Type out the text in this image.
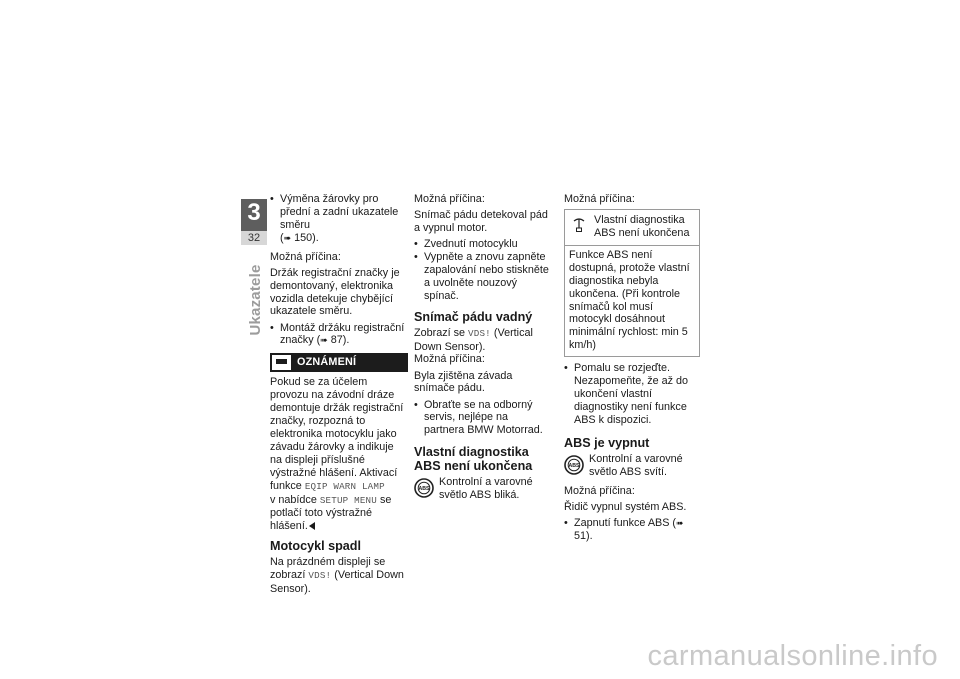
3
32
Ukazatele
• Výměna žárovky pro přední a zadní ukazatele směru
(➠ 150).

Možná příčina:

Držák registrační značky je demontovaný, elektronika vozidla detekuje chybějící ukazatele směru.

• Montáž držáku registrační značky (➠ 87).
OZNÁMENÍ

Pokud se za účelem provozu na závodní dráze demontuje držák registrační značky, rozpozná to elektronika motocyklu jako závadu žárovky a indikuje na displeji příslušné výstražné hlášení. Aktivací funkce EQIP WARN LAMP
v nabídce SETUP MENU se potlačí toto výstražné hlášení.

Motocykl spadl

Na prázdném displeji se zobrazí VDS! (Vertical Down Sensor).

Možná příčina:

Snímač pádu detekoval pád a vypnul motor.

• Zvednutí motocyklu
• Vypněte a znovu zapněte zapalování nebo stiskněte a uvolněte nouzový spínač.
Snímač pádu vadný

Zobrazí se VDS! (Vertical Down Sensor).

Možná příčina:

Byla zjištěna závada snímače pádu.

• Obraťte se na odborný servis, nejlépe na partnera BMW Motorrad.
Vlastní diagnostika ABS není ukončena
ABS
Kontrolní a varovné světlo ABS bliká.

Možná příčina:

Vlastní diagnostika ABS není ukončena
Funkce ABS není dostupná, protože vlastní diagnostika nebyla ukončena. (Při kontrole snímačů kol musí motocykl dosáhnout minimální rychlost: min 5 km/h)
• Pomalu se rozjeďte. Nezapomeňte, že až do ukončení vlastní diagnostiky není funkce ABS k dispozici.
ABS je vypnut
ABS
Kontrolní a varovné světlo ABS svítí.

Možná příčina:

Řidič vypnul systém ABS.

• Zapnutí funkce ABS (➠ 51).
carmanualsonline.info
